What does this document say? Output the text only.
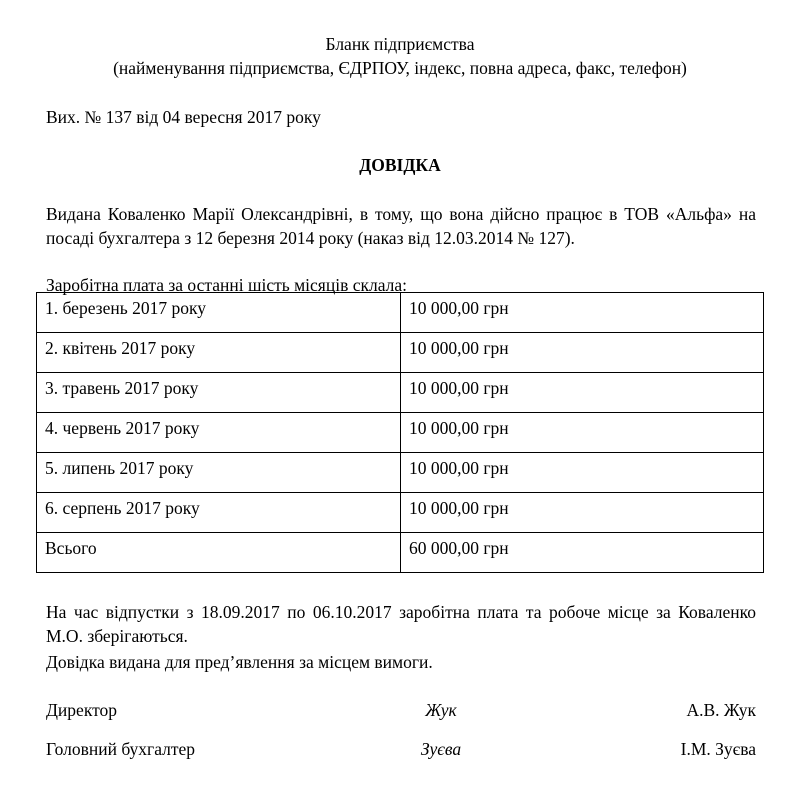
Бланк підприємства
(найменування підприємства, ЄДРПОУ, індекс, повна адреса, факс, телефон)
Вих. № 137 від 04 вересня 2017 року
ДОВІДКА
Видана Коваленко Марії Олександрівні, в тому, що вона дійсно працює в ТОВ «Альфа» на
посаді бухгалтера з 12 березня 2014 року (наказ від 12.03.2014 № 127).
Заробітна плата за останні шість місяців склала:
1. березень 2017 року	10 000,00 грн
2. квітень 2017 року	10 000,00 грн
3. травень 2017 року	10 000,00 грн
4. червень 2017 року	10 000,00 грн
5. липень 2017 року	10 000,00 грн
6. серпень 2017 року	10 000,00 грн
Всього	60 000,00 грн
На час відпустки з 18.09.2017 по 06.10.2017 заробітна плата та робоче місце за Коваленко
М.О. зберігаються.
Довідка видана для пред’явлення за місцем вимоги.
Директор	Жук	А.В. Жук
Головний бухгалтер	Зуєва	І.М. Зуєва
